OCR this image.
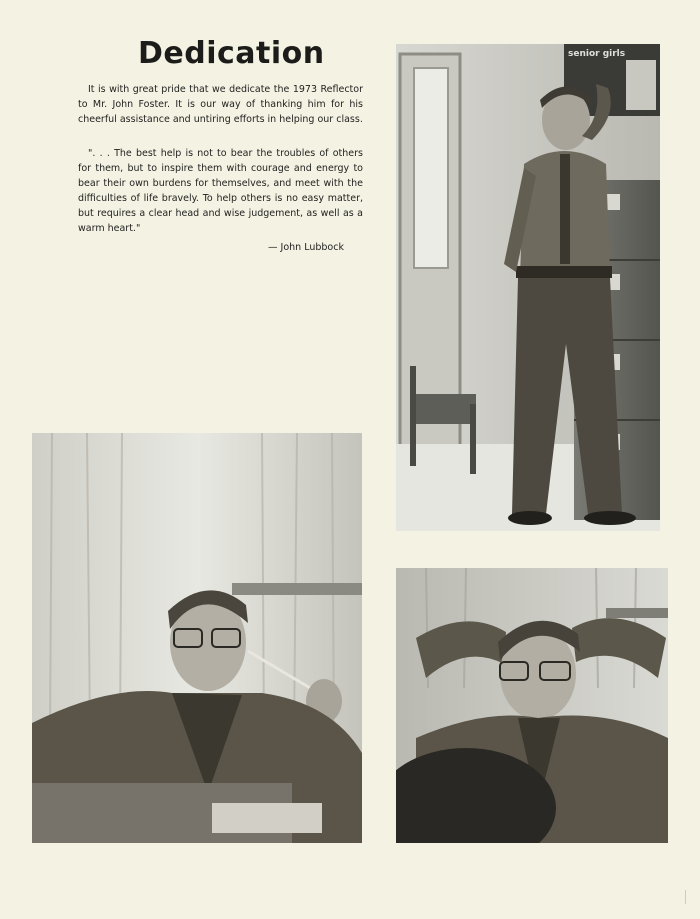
Dedication

It is with great pride that we dedicate the 1973 Reflector to Mr. John Foster. It is our way of thanking him for his cheerful assistance and untiring efforts in helping our class.

". . . The best help is not to bear the troubles of others for them, but to inspire them with courage and energy to bear their own burdens for themselves, and meet with the difficulties of life bravely. To help others is no easy matter, but requires a clear head and wise judgement, as well as a warm heart."

— John Lubbock
senior girls
